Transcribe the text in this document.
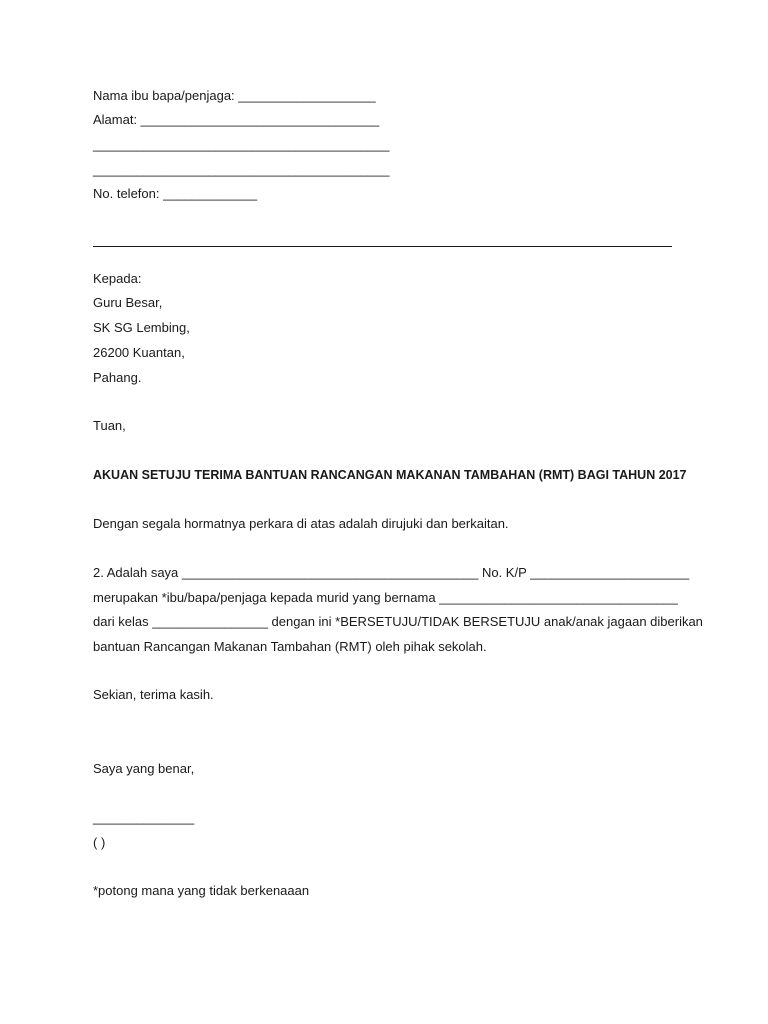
Nama ibu bapa/penjaga: ___________________
Alamat: _________________________________
_________________________________________
_________________________________________
No. telefon: _____________
Kepada:
Guru Besar,
SK SG Lembing,
26200 Kuantan,
Pahang.
Tuan,
AKUAN SETUJU TERIMA BANTUAN RANCANGAN MAKANAN TAMBAHAN (RMT) BAGI TAHUN 2017
Dengan segala hormatnya perkara di atas adalah dirujuki dan berkaitan.
2. Adalah saya _________________________________________ No. K/P ______________________
merupakan *ibu/bapa/penjaga kepada murid yang bernama _________________________________
dari kelas ________________ dengan ini *BERSETUJU/TIDAK BERSETUJU anak/anak jagaan diberikan
bantuan Rancangan Makanan Tambahan (RMT) oleh pihak sekolah.
Sekian, terima kasih.
Saya yang benar,
______________
( )
*potong mana yang tidak berkenaaan
